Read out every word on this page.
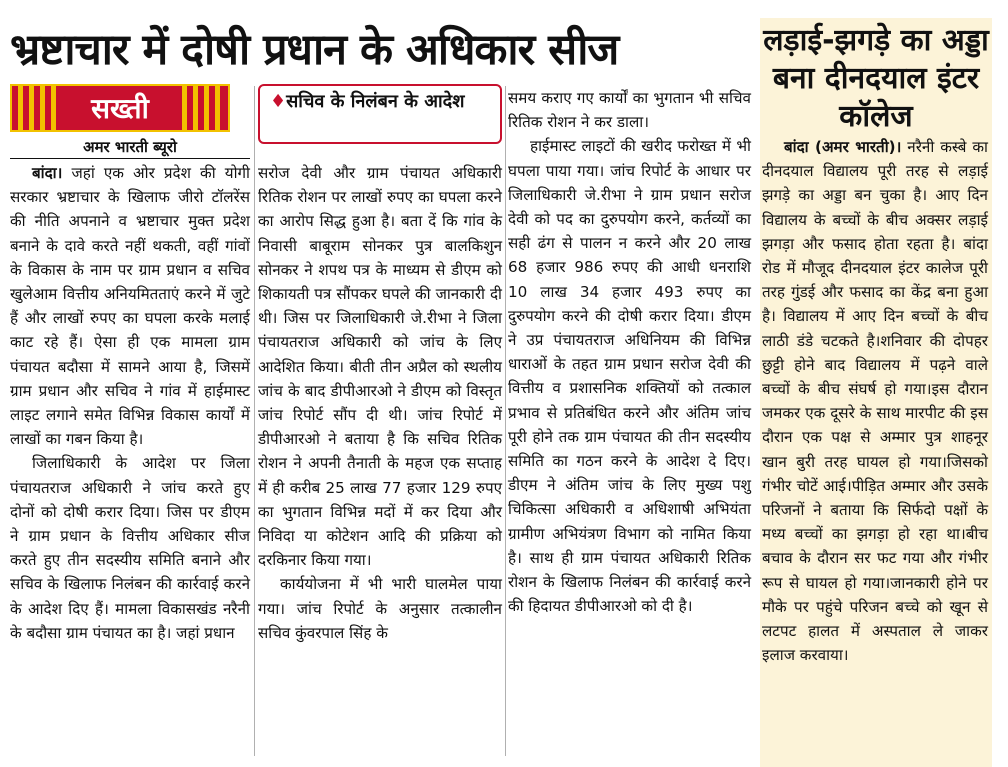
भ्रष्टाचार में दोषी प्रधान के अधिकार सीज
सख्ती
अमर भारती ब्यूरो
♦सचिव के निलंबन के आदेश

बांदा। जहां एक ओर प्रदेश की योगी सरकार भ्रष्टाचार के खिलाफ जीरो टॉलरेंस की नीति अपनाने व भ्रष्टाचार मुक्त प्रदेश बनाने के दावे करते नहीं थकती, वहीं गांवों के विकास के नाम पर ग्राम प्रधान व सचिव खुलेआम वित्तीय अनियमितताएं करने में जुटे हैं और लाखों रुपए का घपला करके मलाई काट रहे हैं। ऐसा ही एक मामला ग्राम पंचायत बदौसा में सामने आया है, जिसमें ग्राम प्रधान और सचिव ने गांव में हाईमास्ट लाइट लगाने समेत विभिन्न विकास कार्यों में लाखों का गबन किया है।

जिलाधिकारी के आदेश पर जिला पंचायतराज अधिकारी ने जांच करते हुए दोनों को दोषी करार दिया। जिस पर डीएम ने ग्राम प्रधान के वित्तीय अधिकार सीज करते हुए तीन सदस्यीय समिति बनाने और सचिव के खिलाफ निलंबन की कार्रवाई करने के आदेश दिए हैं। मामला विकासखंड नरैनी के बदौसा ग्राम पंचायत का है। जहां प्रधान

सरोज देवी और ग्राम पंचायत अधिकारी रितिक रोशन पर लाखों रुपए का घपला करने का आरोप सिद्ध हुआ है। बता दें कि गांव के निवासी बाबूराम सोनकर पुत्र बालकिशुन सोनकर ने शपथ पत्र के माध्यम से डीएम को शिकायती पत्र सौंपकर घपले की जानकारी दी थी। जिस पर जिलाधिकारी जे.रीभा ने जिला पंचायतराज अधिकारी को जांच के लिए आदेशित किया। बीती तीन अप्रैल को स्थलीय जांच के बाद डीपीआरओ ने डीएम को विस्तृत जांच रिपोर्ट सौंप दी थी। जांच रिपोर्ट में डीपीआरओ ने बताया है कि सचिव रितिक रोशन ने अपनी तैनाती के महज एक सप्ताह में ही करीब 25 लाख 77 हजार 129 रुपए का भुगतान विभिन्न मदों में कर दिया और निविदा या कोटेशन आदि की प्रक्रिया को दरकिनार किया गया।

कार्ययोजना में भी भारी घालमेल पाया गया। जांच रिपोर्ट के अनुसार तत्कालीन सचिव कुंवरपाल सिंह के

समय कराए गए कार्यों का भुगतान भी सचिव रितिक रोशन ने कर डाला।

हाईमास्ट लाइटों की खरीद फरोख्त में भी घपला पाया गया। जांच रिपोर्ट के आधार पर जिलाधिकारी जे.रीभा ने ग्राम प्रधान सरोज देवी को पद का दुरुपयोग करने, कर्तव्यों का सही ढंग से पालन न करने और 20 लाख 68 हजार 986 रुपए की आधी धनराशि 10 लाख 34 हजार 493 रुपए का दुरुपयोग करने की दोषी करार दिया। डीएम ने उप्र पंचायतराज अधिनियम की विभिन्न धाराओं के तहत ग्राम प्रधान सरोज देवी की वित्तीय व प्रशासनिक शक्तियों को तत्काल प्रभाव से प्रतिबंधित करने और अंतिम जांच पूरी होने तक ग्राम पंचायत की तीन सदस्यीय समिति का गठन करने के आदेश दे दिए। डीएम ने अंतिम जांच के लिए मुख्य पशु चिकित्सा अधिकारी व अधिशाषी अभियंता ग्रामीण अभियंत्रण विभाग को नामित किया है। साथ ही ग्राम पंचायत अधिकारी रितिक रोशन के खिलाफ निलंबन की कार्रवाई करने की हिदायत डीपीआरओ को दी है।

लड़ाई-झगड़े का अड्डा बना दीनदयाल इंटर कॉलेज

बांदा (अमर भारती)। नरैनी कस्बे का दीनदयाल विद्यालय पूरी तरह से लड़ाई झगड़े का अड्डा बन चुका है। आए दिन विद्यालय के बच्चों के बीच अक्सर लड़ाई झगड़ा और फसाद होता रहता है। बांदा रोड में मौजूद दीनदयाल इंटर कालेज पूरी तरह गुंडई और फसाद का केंद्र बना हुआ है। विद्यालय में आए दिन बच्चों के बीच लाठी डंडे चटकते है।शनिवार की दोपहर छुट्टी होने बाद विद्यालय में पढ़ने वाले बच्चों के बीच संघर्ष हो गया।इस दौरान जमकर एक दूसरे के साथ मारपीट की इस दौरान एक पक्ष से अम्मार पुत्र शाहनूर खान बुरी तरह घायल हो गया।जिसको गंभीर चोटें आई।पीड़ित अम्मार और उसके परिजनों ने बताया कि सिर्फदो पक्षों के मध्य बच्चों का झगड़ा हो रहा था।बीच बचाव के दौरान सर फट गया और गंभीर रूप से घायल हो गया।जानकारी होने पर मौके पर पहुंचे परिजन बच्चे को खून से लटपट हालत में अस्पताल ले जाकर इलाज करवाया।
